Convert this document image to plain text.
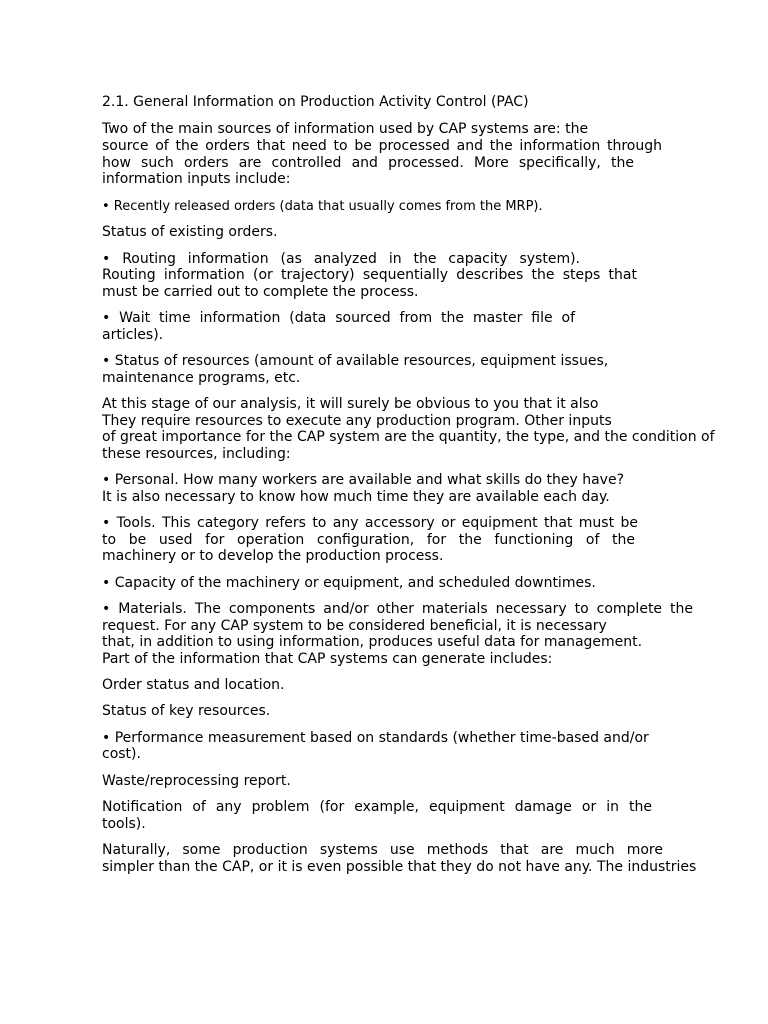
2.1. General Information on Production Activity Control (PAC)
Two of the main sources of information used by CAP systems are: the
source of the orders that need to be processed and the information through
how such orders are controlled and processed. More specifically, the
information inputs include:
• Recently released orders (data that usually comes from the MRP).
Status of existing orders.
• Routing information (as analyzed in the capacity system).
Routing information (or trajectory) sequentially describes the steps that
must be carried out to complete the process.
• Wait time information (data sourced from the master file of
articles).
• Status of resources (amount of available resources, equipment issues,
maintenance programs, etc.
At this stage of our analysis, it will surely be obvious to you that it also
They require resources to execute any production program. Other inputs
of great importance for the CAP system are the quantity, the type, and the condition of
these resources, including:
• Personal. How many workers are available and what skills do they have?
It is also necessary to know how much time they are available each day.
• Tools. This category refers to any accessory or equipment that must be
to be used for operation configuration, for the functioning of the
machinery or to develop the production process.
• Capacity of the machinery or equipment, and scheduled downtimes.
• Materials. The components and/or other materials necessary to complete the
request. For any CAP system to be considered beneficial, it is necessary
that, in addition to using information, produces useful data for management.
Part of the information that CAP systems can generate includes:
Order status and location.
Status of key resources.
• Performance measurement based on standards (whether time-based and/or
cost).
Waste/reprocessing report.
Notification of any problem (for example, equipment damage or in the
tools).
Naturally, some production systems use methods that are much more
simpler than the CAP, or it is even possible that they do not have any. The industries
